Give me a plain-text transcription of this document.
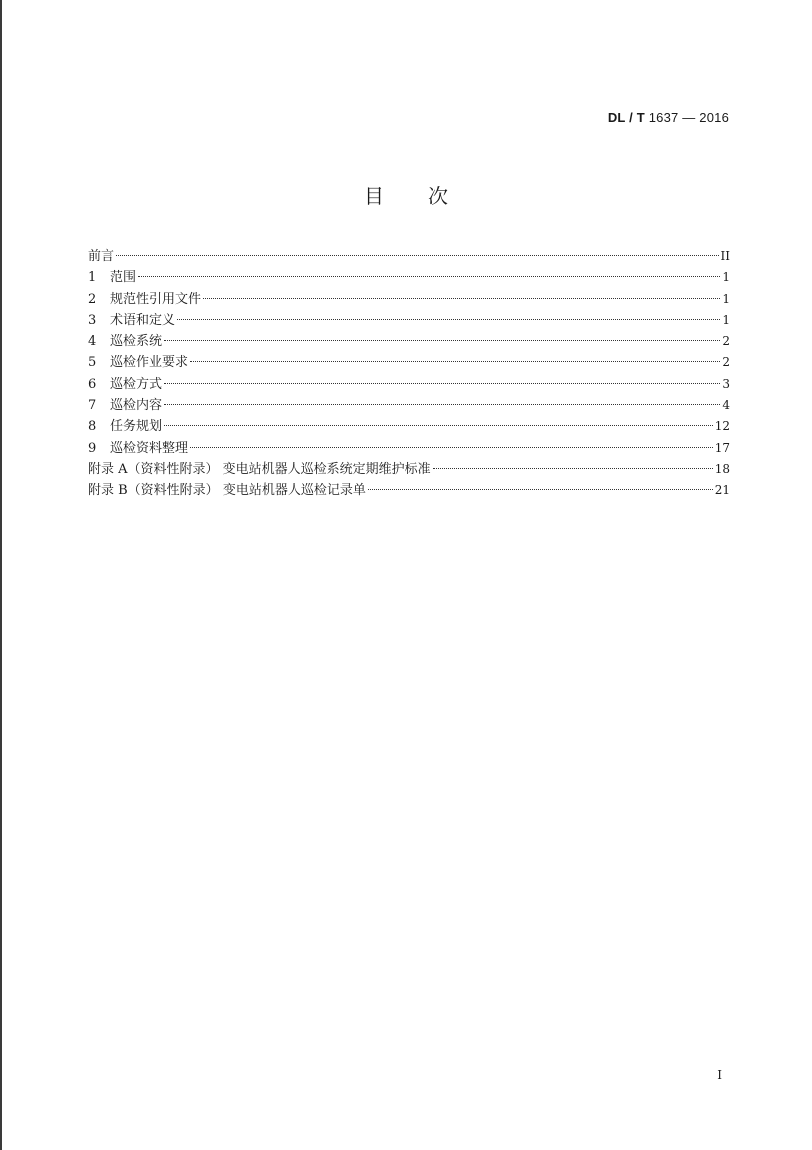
DL / T 1637 — 2016
目 次
前言	II
1	范围	1
2	规范性引用文件	1
3	术语和定义	1
4	巡检系统	2
5	巡检作业要求	2
6	巡检方式	3
7	巡检内容	4
8	任务规划	12
9	巡检资料整理	17
附录 A（资料性附录） 变电站机器人巡检系统定期维护标准	18
附录 B（资料性附录） 变电站机器人巡检记录单	21
I
